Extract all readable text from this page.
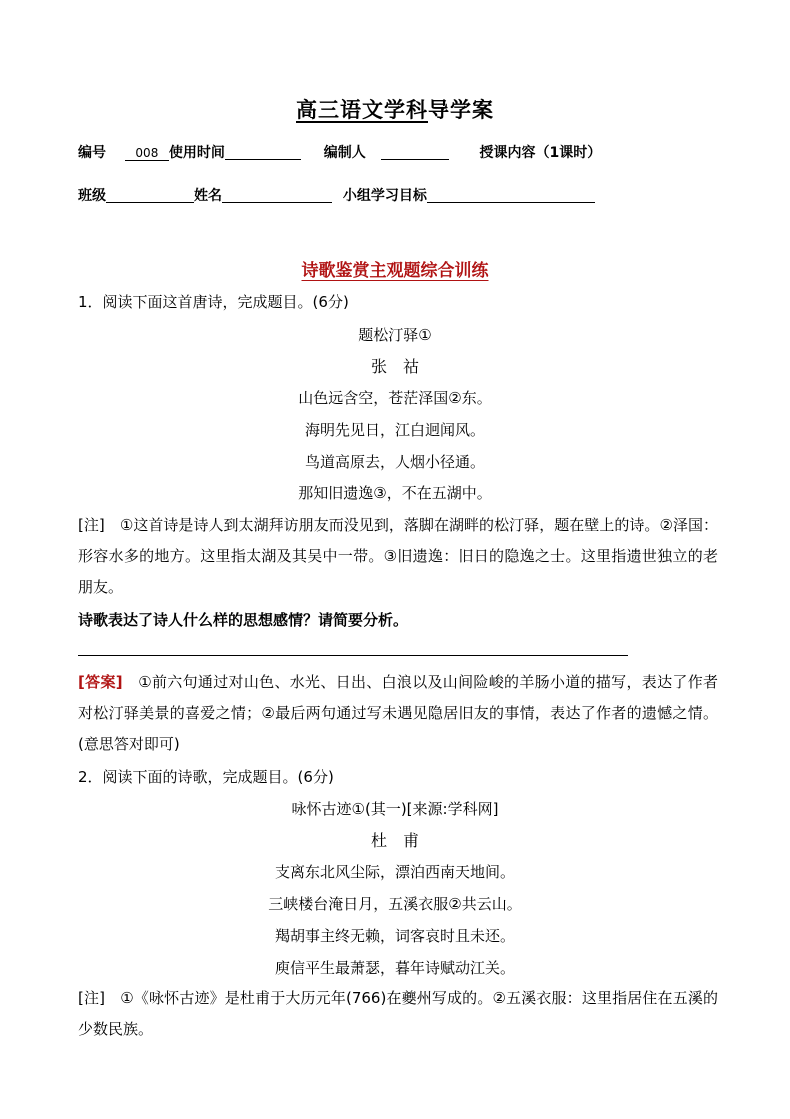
高三语文学科导学案
编号 008 使用时间	编制人	授课内容（1课时）
班级	姓名	小组学习目标
诗歌鉴赏主观题综合训练
1．阅读下面这首唐诗，完成题目。(6分)
题松汀驿①
张　祜
山色远含空，苍茫泽国②东。
海明先见日，江白迥闻风。
鸟道高原去，人烟小径通。
那知旧遗逸③，不在五湖中。
[注]　①这首诗是诗人到太湖拜访朋友而没见到，落脚在湖畔的松汀驿，题在壁上的诗。②泽国：形容水多的地方。这里指太湖及其吴中一带。③旧遗逸：旧日的隐逸之士。这里指遗世独立的老朋友。
诗歌表达了诗人什么样的思想感情？请简要分析。
[答案]　①前六句通过对山色、水光、日出、白浪以及山间险峻的羊肠小道的描写，表达了作者对松汀驿美景的喜爱之情；②最后两句通过写未遇见隐居旧友的事情，表达了作者的遗憾之情。(意思答对即可)
2．阅读下面的诗歌，完成题目。(6分)
咏怀古迹①(其一)[来源:学科网]
杜　甫
支离东北风尘际，漂泊西南天地间。
三峡楼台淹日月，五溪衣服②共云山。
羯胡事主终无赖，词客哀时且未还。
庾信平生最萧瑟，暮年诗赋动江关。
[注]　①《咏怀古迹》是杜甫于大历元年(766)在夔州写成的。②五溪衣服：这里指居住在五溪的少数民族。
